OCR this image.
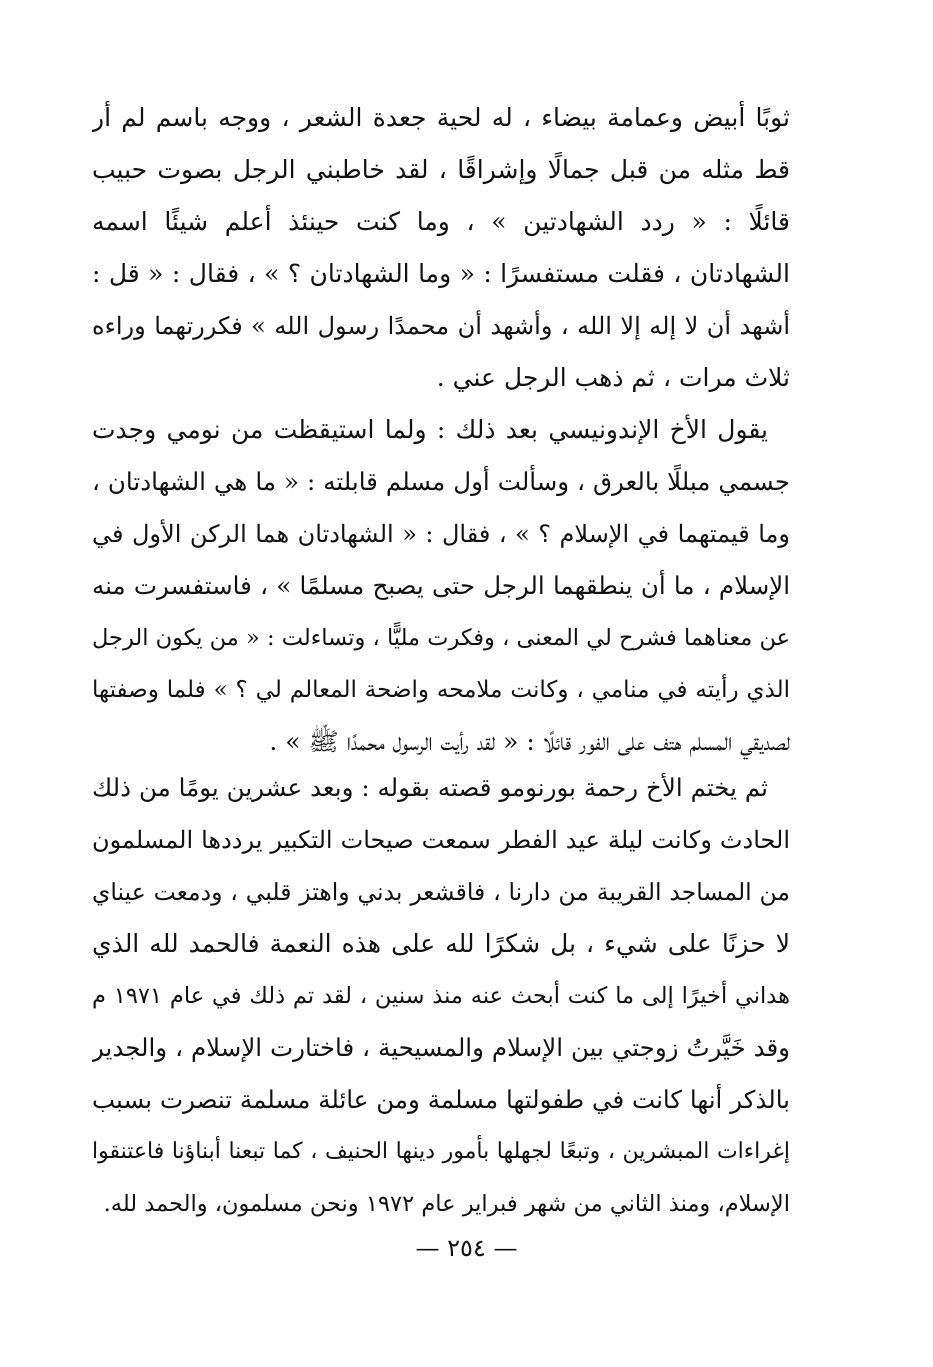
ثوبًا أبيض وعمامة بيضاء ، له لحية جعدة الشعر ، ووجه باسم لم أر
قط مثله من قبل جمالًا وإشراقًا ، لقد خاطبني الرجل بصوت حبيب
قائلًا : « ردد الشهادتين » ، وما كنت حينئذ أعلم شيئًا اسمه
الشهادتان ، فقلت مستفسرًا : « وما الشهادتان ؟ » ، فقال : « قل :
أشهد أن لا إله إلا الله ، وأشهد أن محمدًا رسول الله » فكررتهما وراءه
ثلاث مرات ، ثم ذهب الرجل عني .
يقول الأخ الإندونيسي بعد ذلك : ولما استيقظت من نومي وجدت
جسمي مبللًا بالعرق ، وسألت أول مسلم قابلته : « ما هي الشهادتان ،
وما قيمتهما في الإسلام ؟ » ، فقال : « الشهادتان هما الركن الأول في
الإسلام ، ما أن ينطقهما الرجل حتى يصبح مسلمًا » ، فاستفسرت منه
عن معناهما فشرح لي المعنى ، وفكرت مليًّا ، وتساءلت : « من يكون الرجل
الذي رأيته في منامي ، وكانت ملامحه واضحة المعالم لي ؟ » فلما وصفتها
لصديقي المسلم هتف على الفور قائلًا : « لقد رأيت الرسول محمدًا ﷺ » .
ثم يختم الأخ رحمة بورنومو قصته بقوله : وبعد عشرين يومًا من ذلك
الحادث وكانت ليلة عيد الفطر سمعت صيحات التكبير يرددها المسلمون
من المساجد القريبة من دارنا ، فاقشعر بدني واهتز قلبي ، ودمعت عيناي
لا حزنًا على شيء ، بل شكرًا لله على هذه النعمة فالحمد لله الذي
هداني أخيرًا إلى ما كنت أبحث عنه منذ سنين ، لقد تم ذلك في عام ١٩٧١ م
وقد خَيَّرتُ زوجتي بين الإسلام والمسيحية ، فاختارت الإسلام ، والجدير
بالذكر أنها كانت في طفولتها مسلمة ومن عائلة مسلمة تنصرت بسبب
إغراءات المبشرين ، وتبعًا لجهلها بأمور دينها الحنيف ، كما تبعنا أبناؤنا فاعتنقوا
الإسلام، ومنذ الثاني من شهر فبراير عام ١٩٧٢ ونحن مسلمون، والحمد لله.
— ٢٥٤ —
